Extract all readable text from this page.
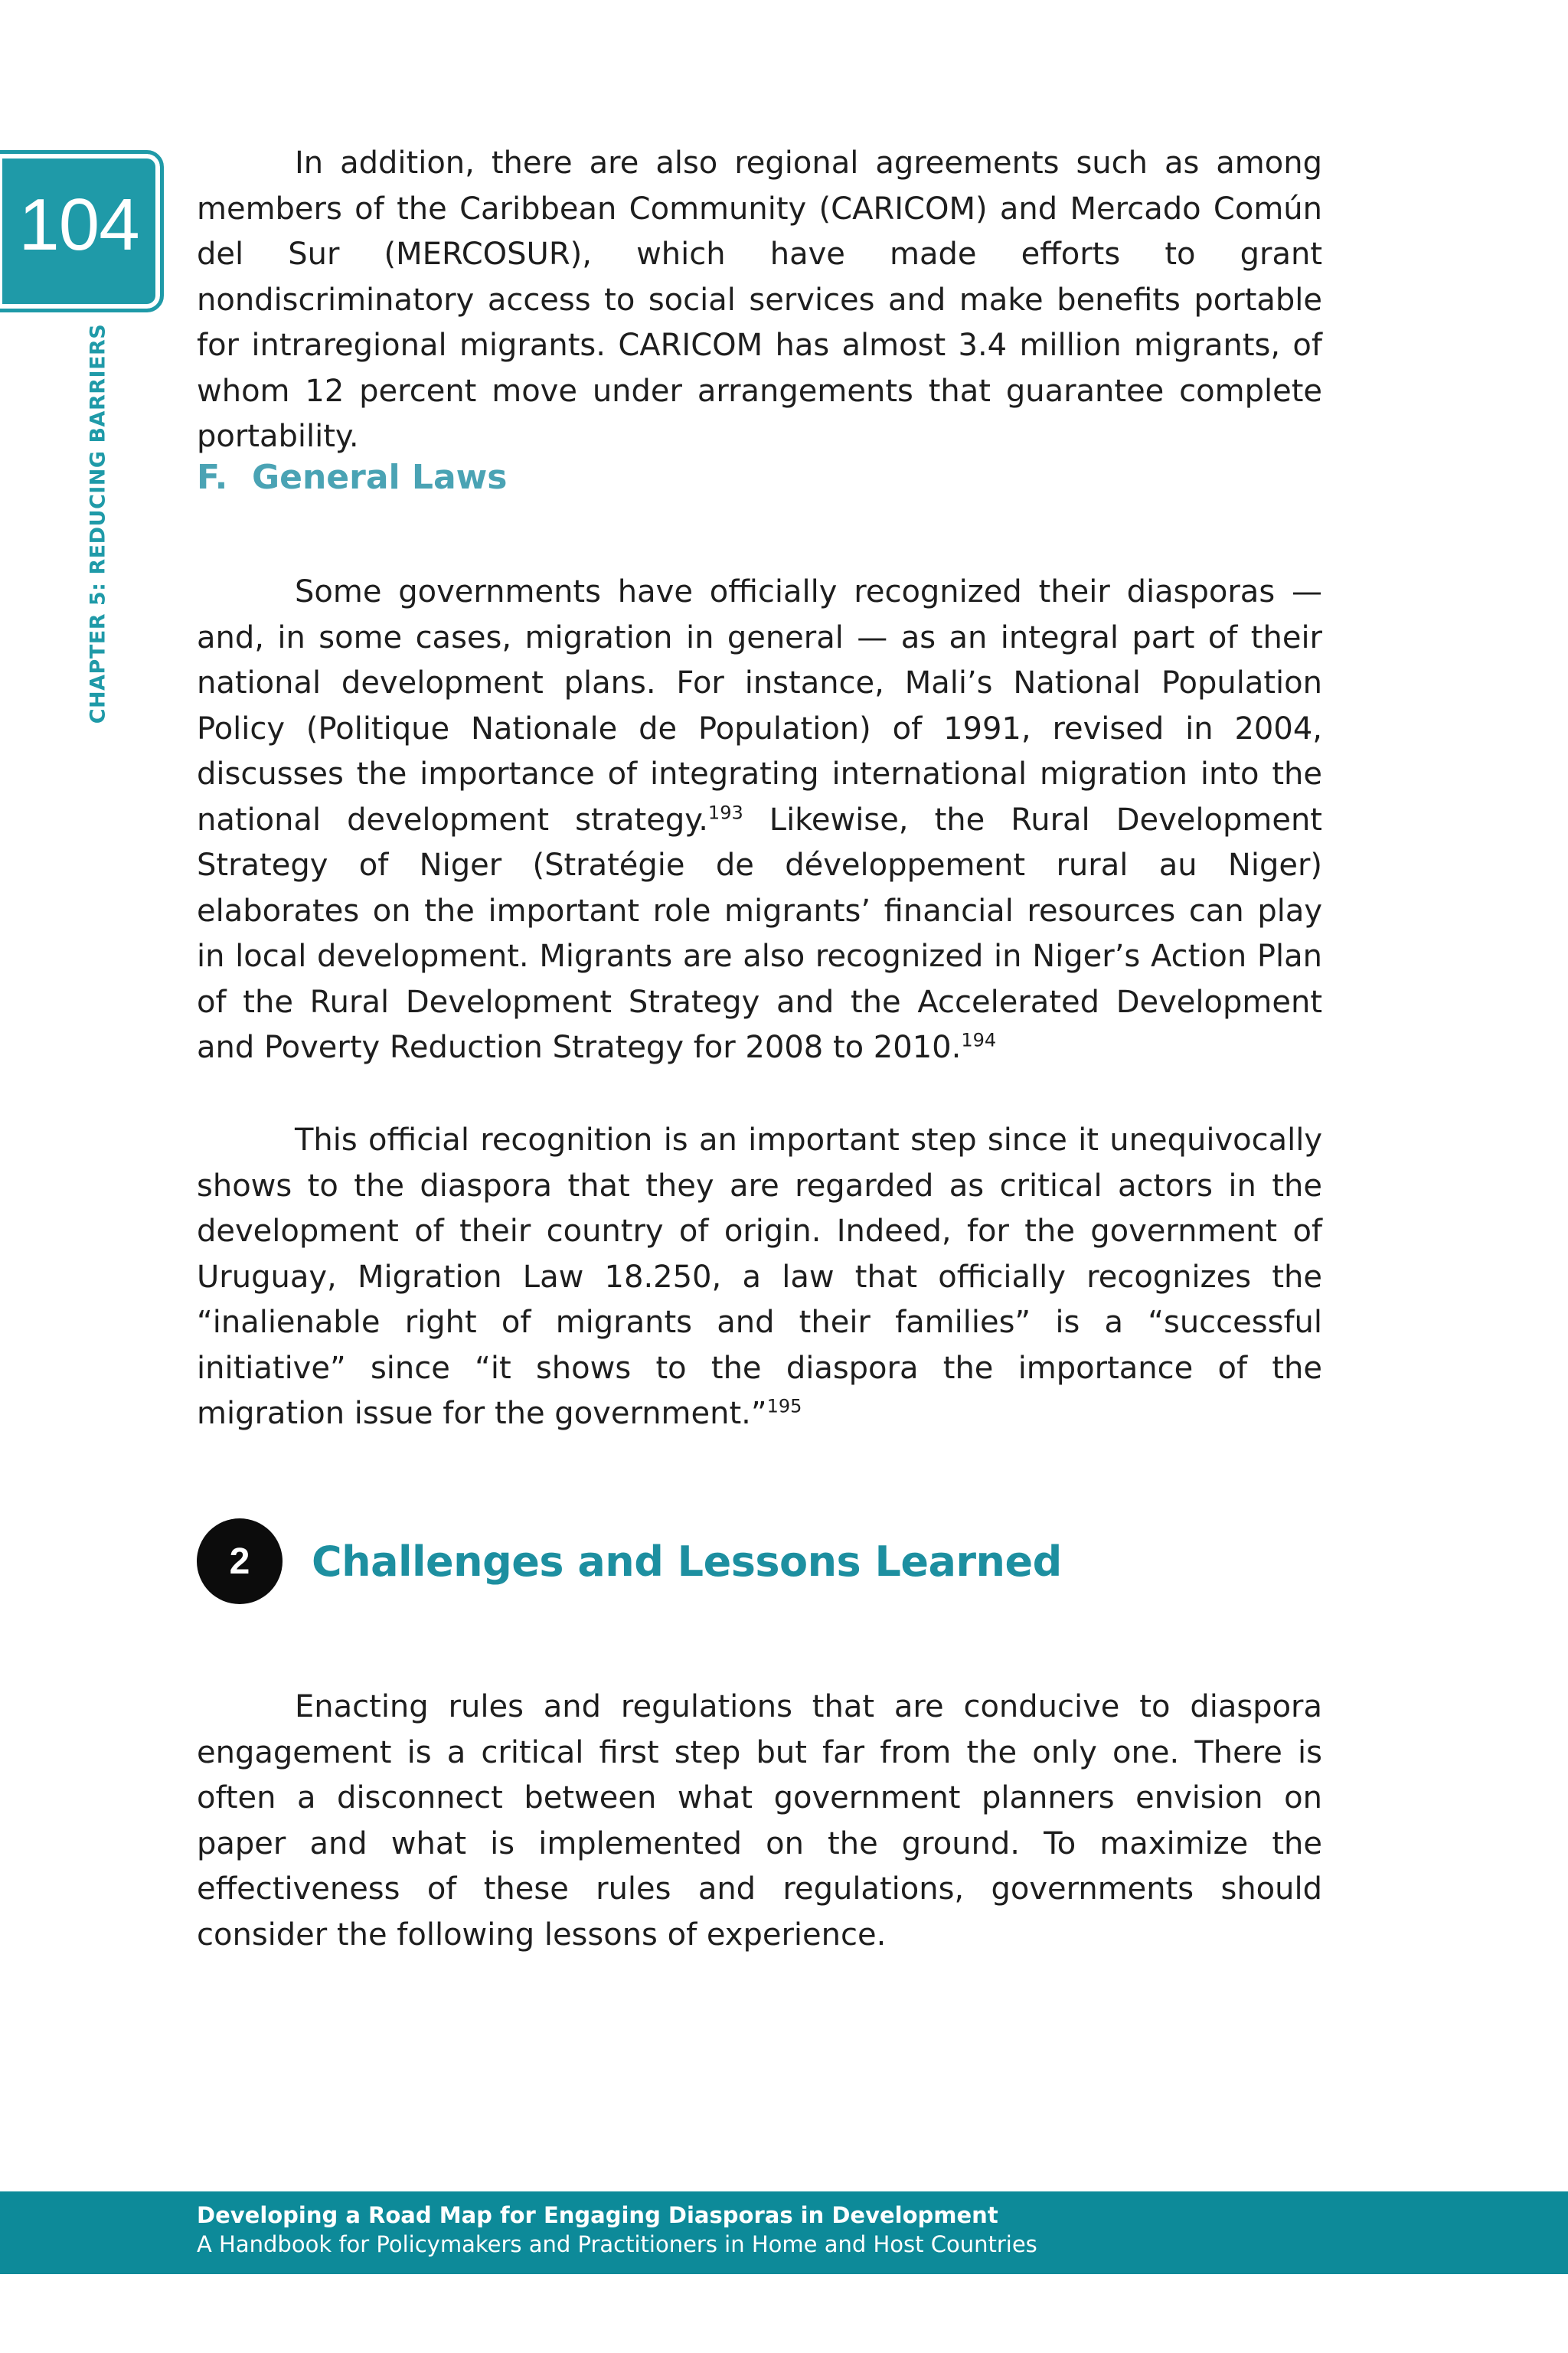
104
CHAPTER 5: REDUCING BARRIERS

In addition, there are also regional agreements such as among members of the Caribbean Community (CARICOM) and Mercado Común del Sur (MERCOSUR), which have made efforts to grant nondiscriminatory access to social services and make benefits portable for intraregional migrants. CARICOM has almost 3.4 million migrants, of whom 12 percent move under arrangements that guarantee complete portability.

F. General Laws

Some governments have officially recognized their diasporas — and, in some cases, migration in general — as an integral part of their national development plans. For instance, Mali’s National Population Policy (Politique Nationale de Population) of 1991, revised in 2004, discusses the importance of integrating international migration into the national development strategy.$^{193}$ Likewise, the Rural Development Strategy of Niger (Stratégie de développement rural au Niger) elaborates on the important role migrants’ financial resources can play in local development. Migrants are also recognized in Niger’s Action Plan of the Rural Development Strategy and the Accelerated Development and Poverty Reduction Strategy for 2008 to 2010.$^{194}$

This official recognition is an important step since it unequivocally shows to the diaspora that they are regarded as critical actors in the development of their country of origin. Indeed, for the government of Uruguay, Migration Law 18.250, a law that officially recognizes the “inalienable right of migrants and their families” is a “successful initiative” since “it shows to the diaspora the importance of the migration issue for the government.”$^{195}$

2	Challenges and Lessons Learned

Enacting rules and regulations that are conducive to diaspora engagement is a critical first step but far from the only one. There is often a disconnect between what government planners envision on paper and what is implemented on the ground. To maximize the effectiveness of these rules and regulations, governments should consider the following lessons of experience.

Developing a Road Map for Engaging Diasporas in Development
A Handbook for Policymakers and Practitioners in Home and Host Countries
